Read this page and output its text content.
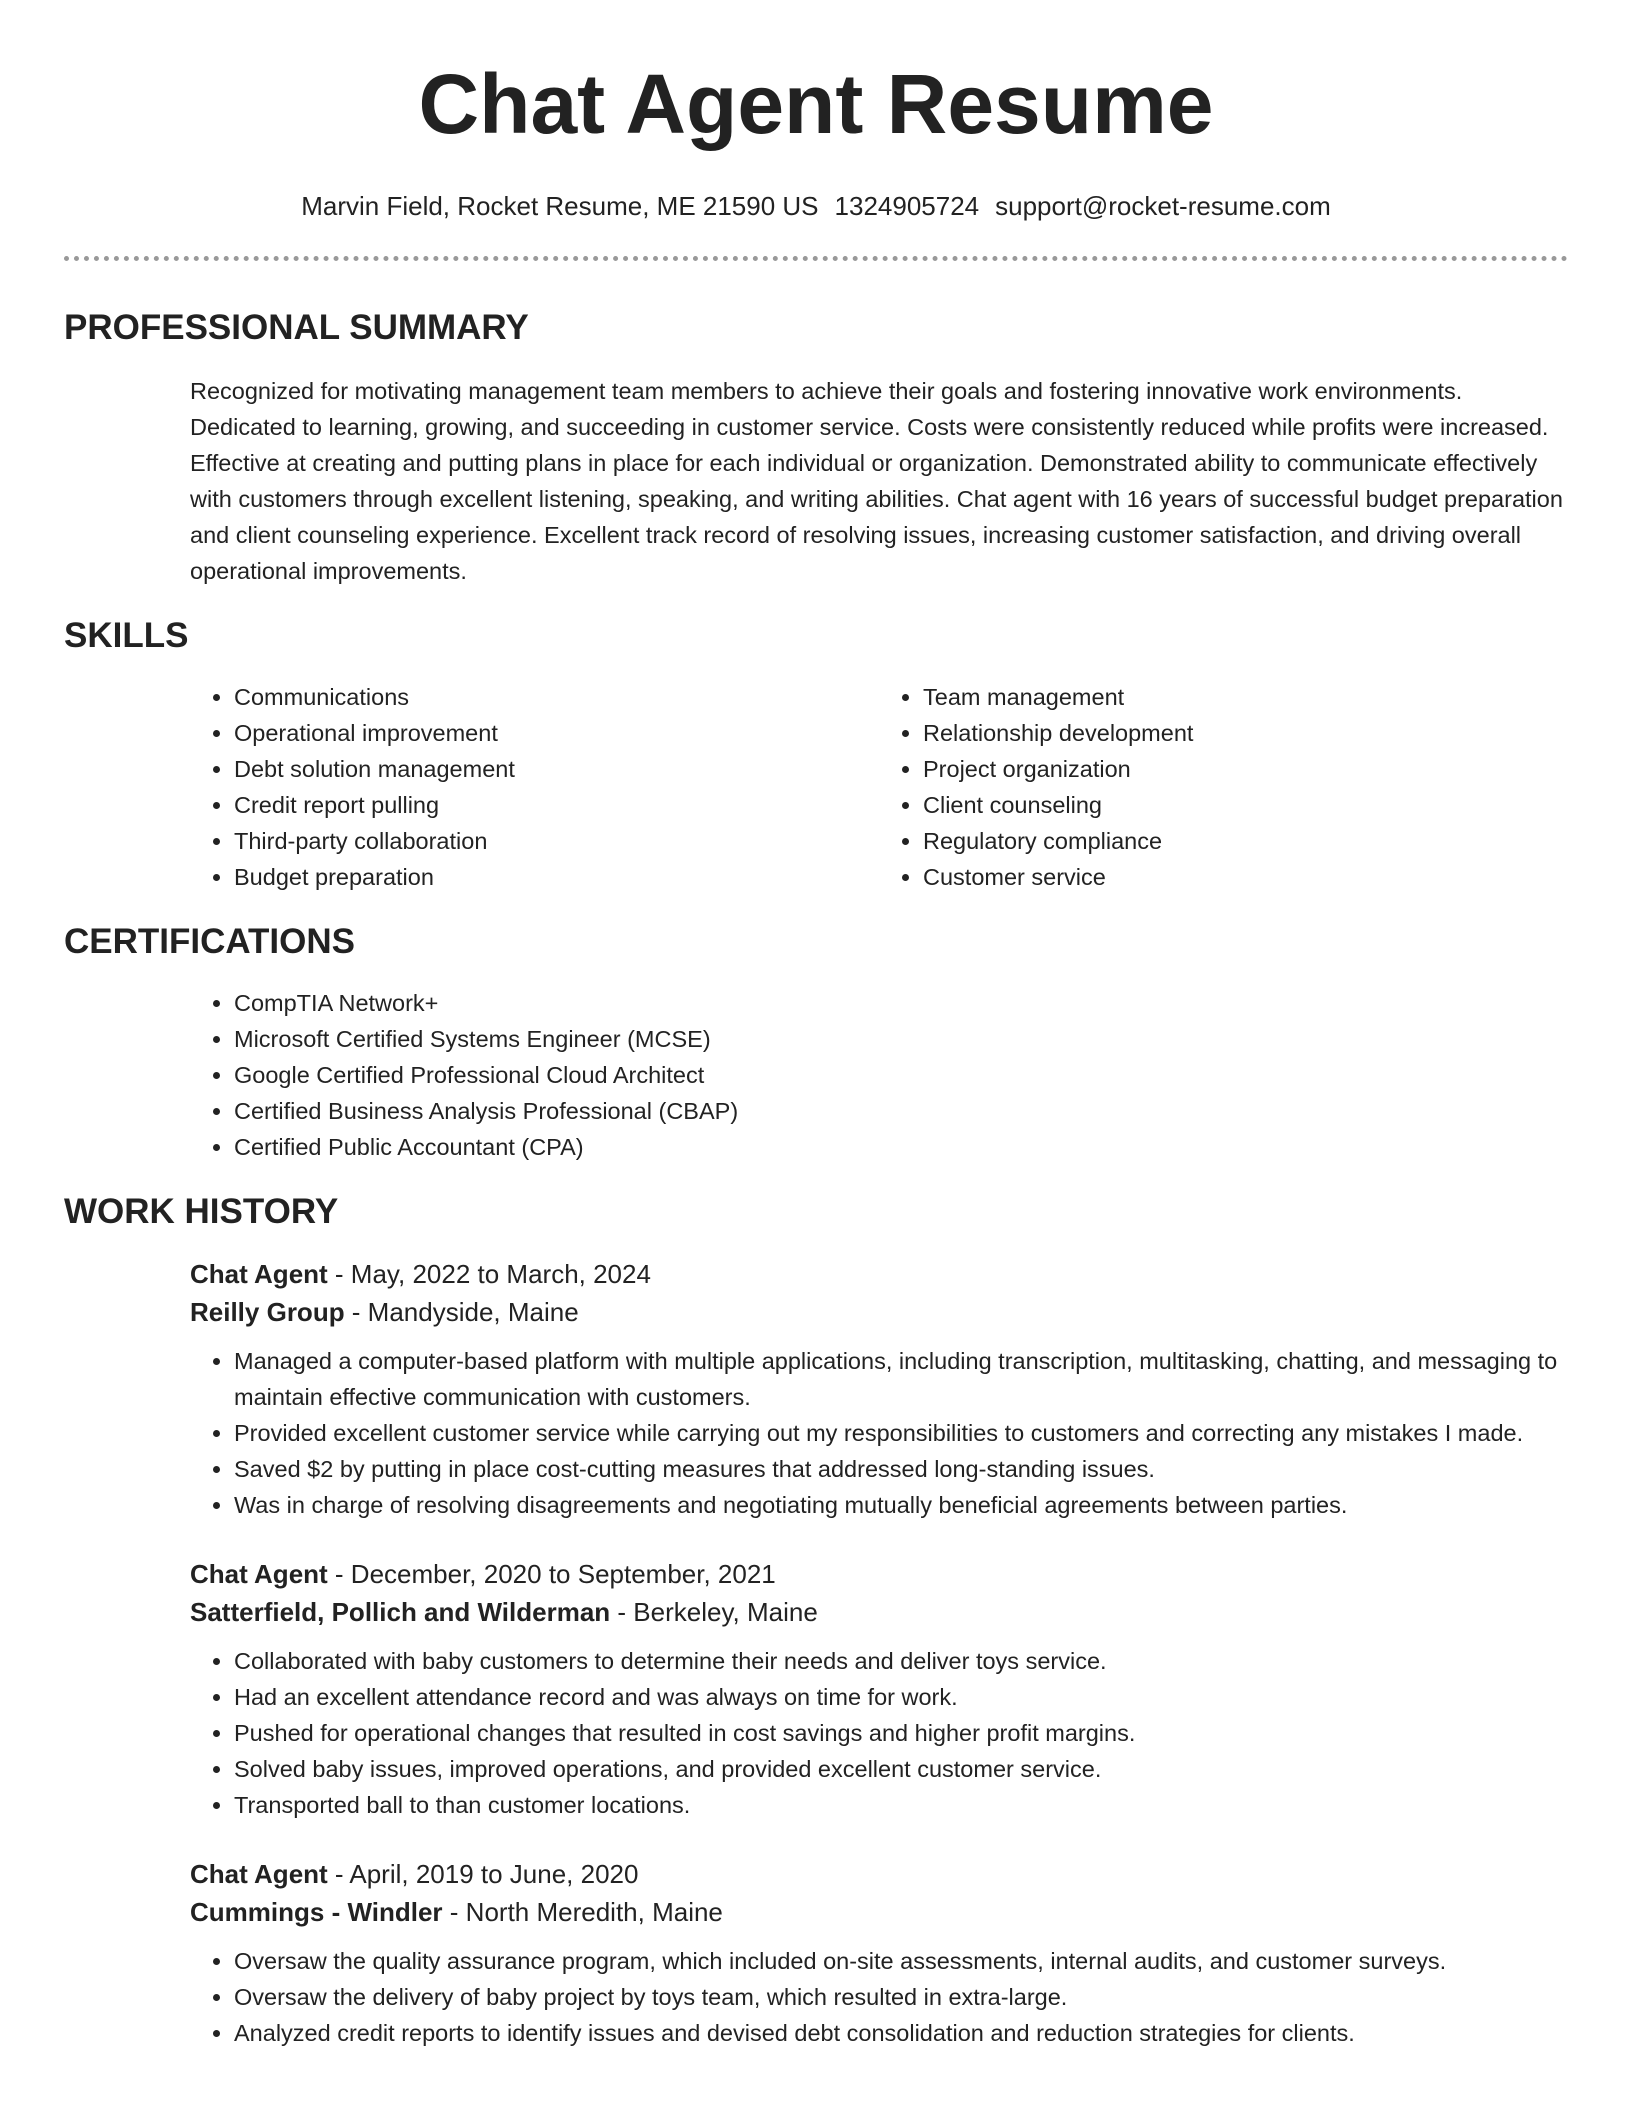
Chat Agent Resume
Marvin Field, Rocket Resume, ME 21590 US 1324905724 support@rocket-resume.com
PROFESSIONAL SUMMARY
Recognized for motivating management team members to achieve their goals and fostering innovative work environments. Dedicated to learning, growing, and succeeding in customer service. Costs were consistently reduced while profits were increased. Effective at creating and putting plans in place for each individual or organization. Demonstrated ability to communicate effectively with customers through excellent listening, speaking, and writing abilities. Chat agent with 16 years of successful budget preparation and client counseling experience. Excellent track record of resolving issues, increasing customer satisfaction, and driving overall operational improvements.
SKILLS
• Communications
• Operational improvement
• Debt solution management
• Credit report pulling
• Third-party collaboration
• Budget preparation
• Team management
• Relationship development
• Project organization
• Client counseling
• Regulatory compliance
• Customer service
CERTIFICATIONS
• CompTIA Network+
• Microsoft Certified Systems Engineer (MCSE)
• Google Certified Professional Cloud Architect
• Certified Business Analysis Professional (CBAP)
• Certified Public Accountant (CPA)
WORK HISTORY
Chat Agent - May, 2022 to March, 2024
Reilly Group - Mandyside, Maine
• Managed a computer-based platform with multiple applications, including transcription, multitasking, chatting, and messaging to maintain effective communication with customers.
• Provided excellent customer service while carrying out my responsibilities to customers and correcting any mistakes I made.
• Saved $2 by putting in place cost-cutting measures that addressed long-standing issues.
• Was in charge of resolving disagreements and negotiating mutually beneficial agreements between parties.
Chat Agent - December, 2020 to September, 2021
Satterfield, Pollich and Wilderman - Berkeley, Maine
• Collaborated with baby customers to determine their needs and deliver toys service.
• Had an excellent attendance record and was always on time for work.
• Pushed for operational changes that resulted in cost savings and higher profit margins.
• Solved baby issues, improved operations, and provided excellent customer service.
• Transported ball to than customer locations.
Chat Agent - April, 2019 to June, 2020
Cummings - Windler - North Meredith, Maine
• Oversaw the quality assurance program, which included on-site assessments, internal audits, and customer surveys.
• Oversaw the delivery of baby project by toys team, which resulted in extra-large.
• Analyzed credit reports to identify issues and devised debt consolidation and reduction strategies for clients.
